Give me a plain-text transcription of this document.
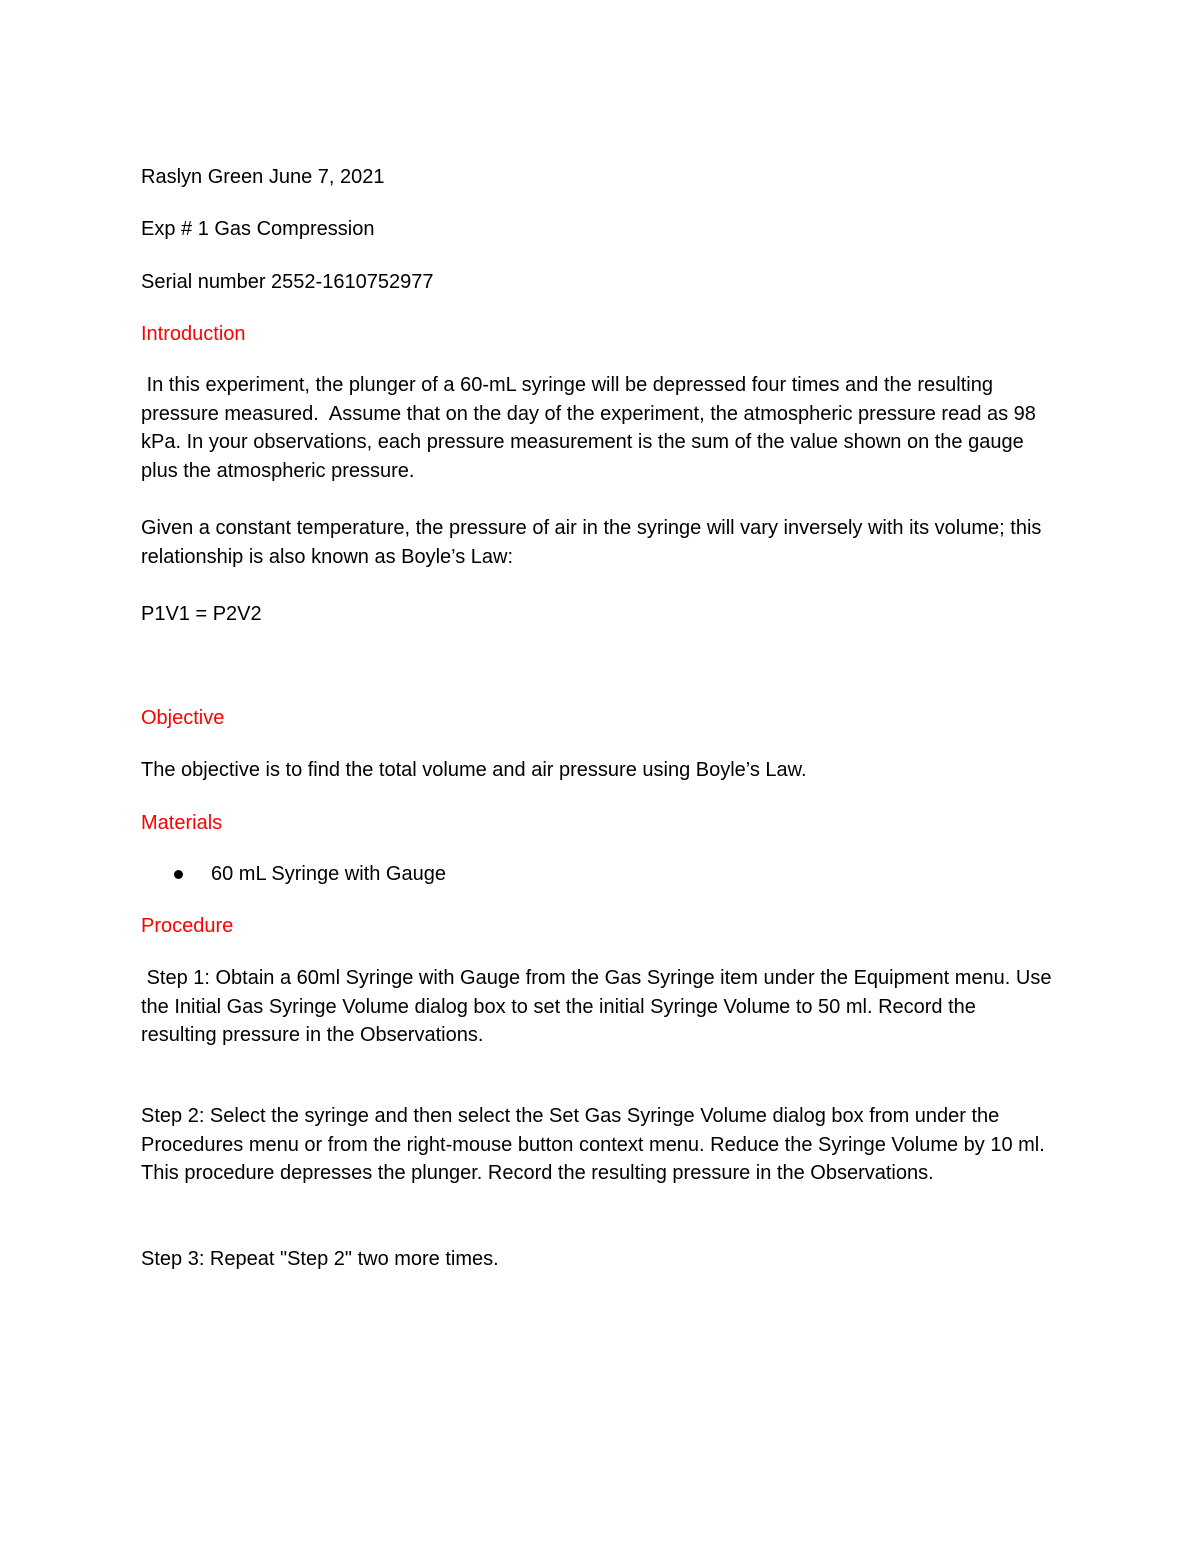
Raslyn Green June 7, 2021

Exp # 1 Gas Compression

Serial number 2552-1610752977

Introduction

In this experiment, the plunger of a 60-mL syringe will be depressed four times and the resulting pressure measured.  Assume that on the day of the experiment, the atmospheric pressure read as 98 kPa. In your observations, each pressure measurement is the sum of the value shown on the gauge plus the atmospheric pressure.

Given a constant temperature, the pressure of air in the syringe will vary inversely with its volume; this relationship is also known as Boyle’s Law:

P1V1 = P2V2

Objective

The objective is to find the total volume and air pressure using Boyle’s Law.

Materials

60 mL Syringe with Gauge

Procedure

Step 1: Obtain a 60ml Syringe with Gauge from the Gas Syringe item under the Equipment menu. Use the Initial Gas Syringe Volume dialog box to set the initial Syringe Volume to 50 ml. Record the resulting pressure in the Observations.

Step 2: Select the syringe and then select the Set Gas Syringe Volume dialog box from under the Procedures menu or from the right-mouse button context menu. Reduce the Syringe Volume by 10 ml. This procedure depresses the plunger. Record the resulting pressure in the Observations.

Step 3: Repeat "Step 2" two more times.
